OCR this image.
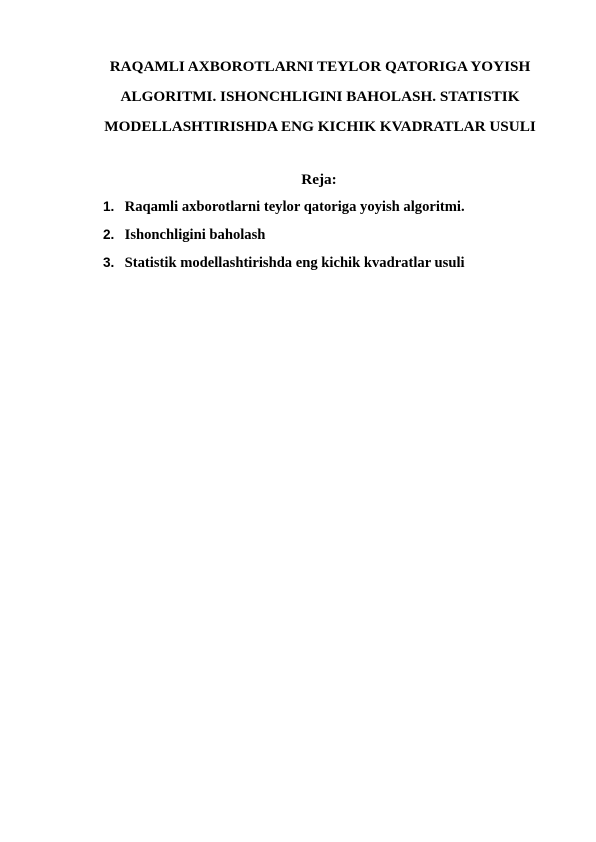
RAQAMLI AXBOROTLARNI TEYLOR QATORIGA YOYISH
ALGORITMI. ISHONCHLIGINI BAHOLASH. STATISTIK
MODELLASHTIRISHDA ENG KICHIK KVADRATLAR USULI
Reja:
1. Raqamli axborotlarni teylor qatoriga yoyish algoritmi.
2. Ishonchligini baholash
3. Statistik modellashtirishda eng kichik kvadratlar usuli
